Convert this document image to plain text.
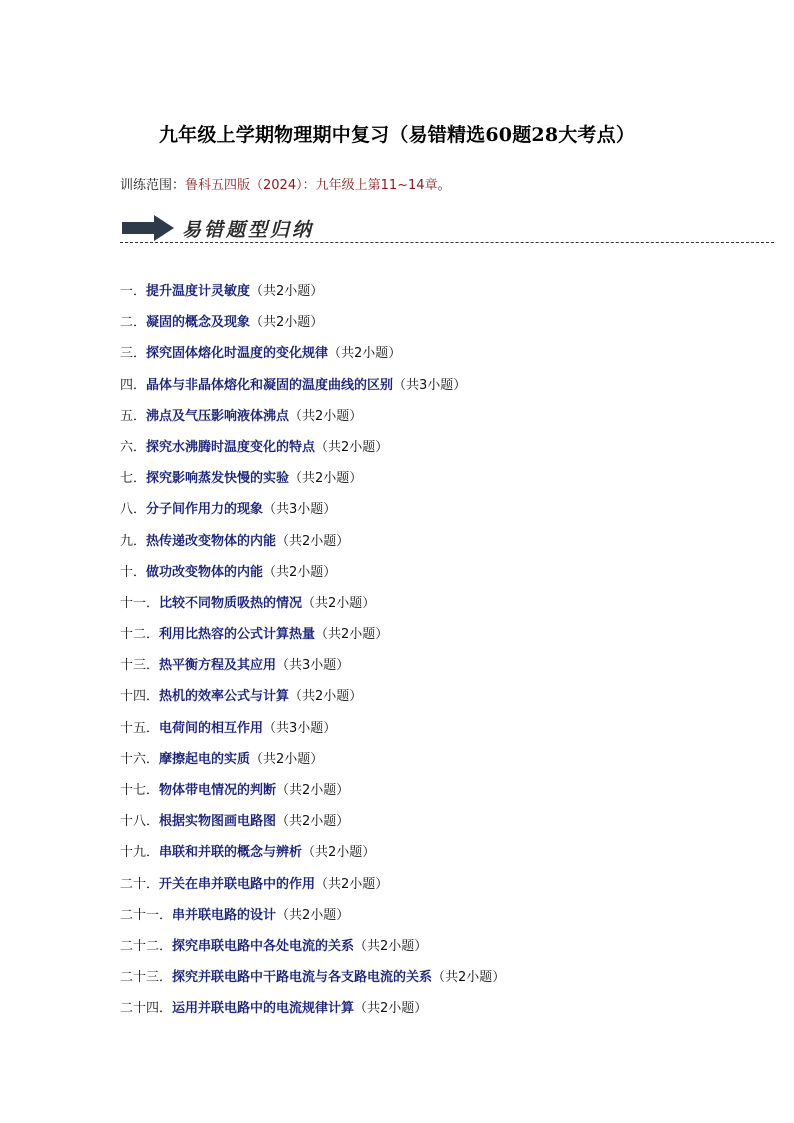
九年级上学期物理期中复习（易错精选60题28大考点）
训练范围：鲁科五四版（2024）：九年级上第11~14章。
易错题型归纳
一．提升温度计灵敏度（共2小题）
二．凝固的概念及现象（共2小题）
三．探究固体熔化时温度的变化规律（共2小题）
四．晶体与非晶体熔化和凝固的温度曲线的区别（共3小题）
五．沸点及气压影响液体沸点（共2小题）
六．探究水沸腾时温度变化的特点（共2小题）
七．探究影响蒸发快慢的实验（共2小题）
八．分子间作用力的现象（共3小题）
九．热传递改变物体的内能（共2小题）
十．做功改变物体的内能（共2小题）
十一．比较不同物质吸热的情况（共2小题）
十二．利用比热容的公式计算热量（共2小题）
十三．热平衡方程及其应用（共3小题）
十四．热机的效率公式与计算（共2小题）
十五．电荷间的相互作用（共3小题）
十六．摩擦起电的实质（共2小题）
十七．物体带电情况的判断（共2小题）
十八．根据实物图画电路图（共2小题）
十九．串联和并联的概念与辨析（共2小题）
二十．开关在串并联电路中的作用（共2小题）
二十一．串并联电路的设计（共2小题）
二十二．探究串联电路中各处电流的关系（共2小题）
二十三．探究并联电路中干路电流与各支路电流的关系（共2小题）
二十四．运用并联电路中的电流规律计算（共2小题）
